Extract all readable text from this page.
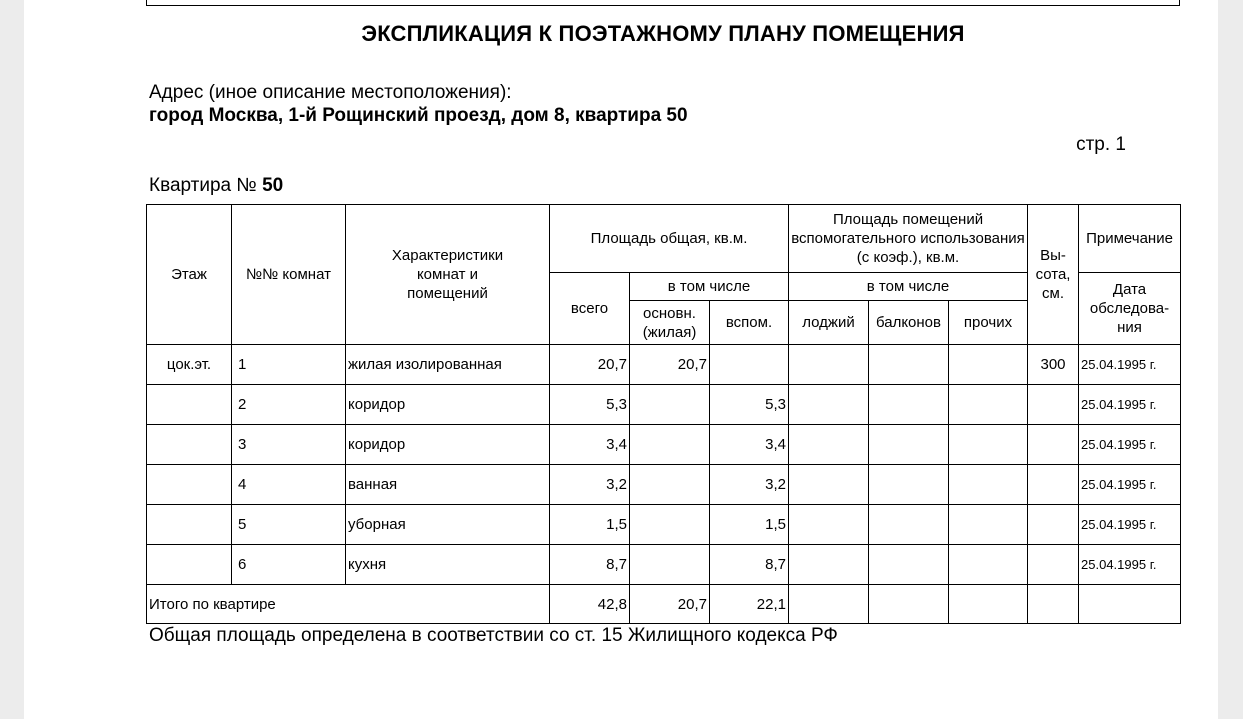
ЭКСПЛИКАЦИЯ К ПОЭТАЖНОМУ ПЛАНУ ПОМЕЩЕНИЯ
Адрес (иное описание местоположения):
город Москва, 1-й Рощинский проезд, дом 8, квартира 50
стр. 1
Квартира № 50
Этаж	№№ комнат	Характеристики комнат и помещений	Площадь общая, кв.м.			Площадь помещений вспомогательного использования (с коэф.), кв.м.			Вы-сота, см.	Примечание
			всего	в том числе		в том числе				Дата обследова-ния
				основн. (жилая)	вспом.	лоджий	балконов	прочих		
цок.эт.	1	жилая изолированная	20,7	20,7					300	25.04.1995 г.
	2	коридор	5,3		5,3					25.04.1995 г.
	3	коридор	3,4		3,4					25.04.1995 г.
	4	ванная	3,2		3,2					25.04.1995 г.
	5	уборная	1,5		1,5					25.04.1995 г.
	6	кухня	8,7		8,7					25.04.1995 г.
Итого по квартире			42,8	20,7	22,1					
Общая площадь определена в соответствии со ст. 15 Жилищного кодекса РФ
